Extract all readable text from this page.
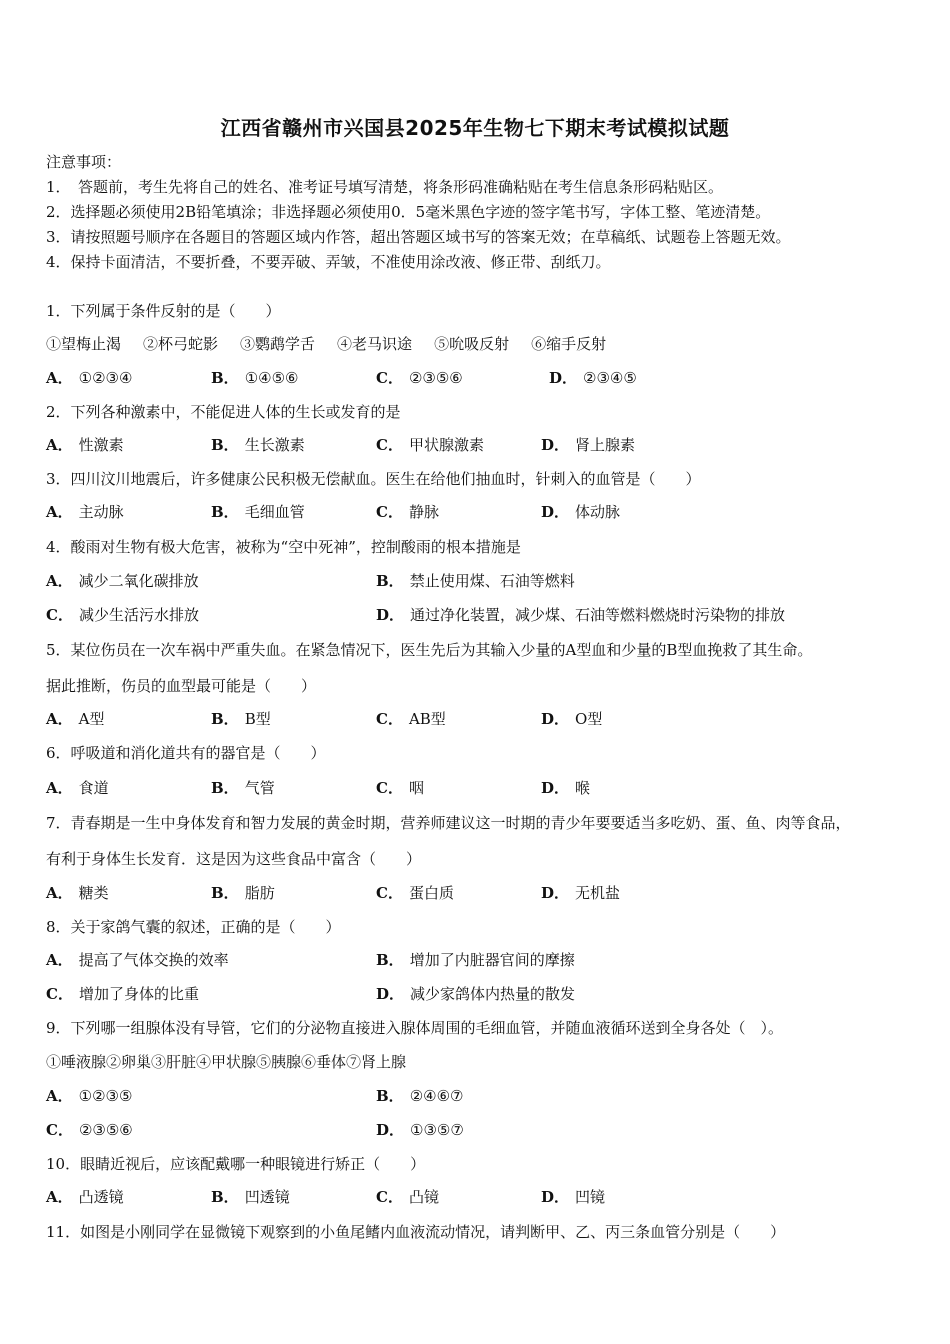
江西省赣州市兴国县2025年生物七下期末考试模拟试题
注意事项：
1．　答题前，考生先将自己的姓名、准考证号填写清楚，将条形码准确粘贴在考生信息条形码粘贴区。
2．选择题必须使用2B铅笔填涂；非选择题必须使用0．5毫米黑色字迹的签字笔书写，字体工整、笔迹清楚。
3．请按照题号顺序在各题目的答题区域内作答，超出答题区域书写的答案无效；在草稿纸、试题卷上答题无效。
4．保持卡面清洁，不要折叠，不要弄破、弄皱，不准使用涂改液、修正带、刮纸刀。
1．下列属于条件反射的是（　　）
①望梅止渴 ②杯弓蛇影 ③鹦鹉学舌 ④老马识途 ⑤吮吸反射 ⑥缩手反射
A． ①②③④	B． ①④⑤⑥	C． ②③⑤⑥	D． ②③④⑤
2．下列各种激素中，不能促进人体的生长或发育的是
A． 性激素	B． 生长激素	C． 甲状腺激素	D． 肾上腺素
3．四川汶川地震后，许多健康公民积极无偿献血。医生在给他们抽血时，针刺入的血管是（　　）
A． 主动脉	B． 毛细血管	C． 静脉	D． 体动脉
4．酸雨对生物有极大危害，被称为“空中死神”，控制酸雨的根本措施是
A． 减少二氧化碳排放	B． 禁止使用煤、石油等燃料
C． 减少生活污水排放	D． 通过净化装置，减少煤、石油等燃料燃烧时污染物的排放
5．某位伤员在一次车祸中严重失血。在紧急情况下，医生先后为其输入少量的A型血和少量的B型血挽救了其生命。
据此推断，伤员的血型最可能是（　　）
A． A型	B． B型	C． AB型	D． O型
6．呼吸道和消化道共有的器官是（　　）
A． 食道	B． 气管	C． 咽	D． 喉
7．青春期是一生中身体发育和智力发展的黄金时期，营养师建议这一时期的青少年要要适当多吃奶、蛋、鱼、肉等食品，
有利于身体生长发育．这是因为这些食品中富含（　　）
A． 糖类	B． 脂肪	C． 蛋白质	D． 无机盐
8．关于家鸽气囊的叙述，正确的是（　　）
A． 提高了气体交换的效率	B． 增加了内脏器官间的摩擦
C． 增加了身体的比重	D． 减少家鸽体内热量的散发
9．下列哪一组腺体没有导管，它们的分泌物直接进入腺体周围的毛细血管，并随血液循环送到全身各处（　）。
①唾液腺②卵巢③肝脏④甲状腺⑤胰腺⑥垂体⑦肾上腺
A． ①②③⑤	B． ②④⑥⑦
C． ②③⑤⑥	D． ①③⑤⑦
10．眼睛近视后，应该配戴哪一种眼镜进行矫正（　　）
A． 凸透镜	B． 凹透镜	C． 凸镜	D． 凹镜
11．如图是小刚同学在显微镜下观察到的小鱼尾鳍内血液流动情况，请判断甲、乙、丙三条血管分别是（　　）
